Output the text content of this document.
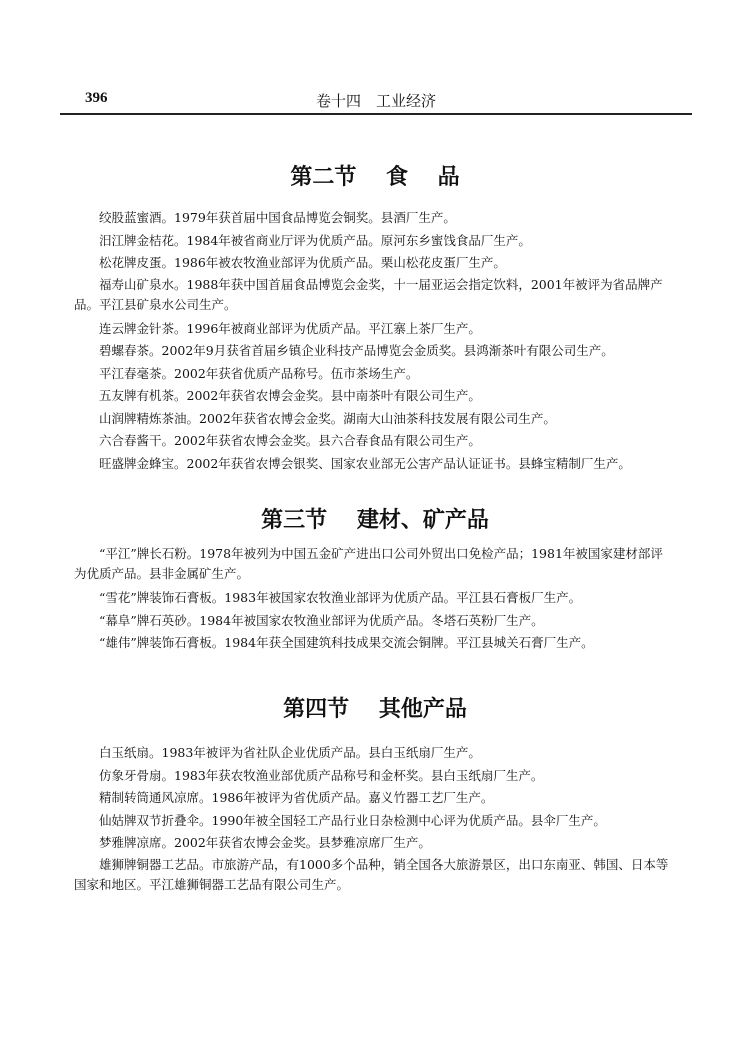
396	卷十四　工业经济
第二节　 食　 品

绞股蓝蜜酒。1979年获首届中国食品博览会铜奖。县酒厂生产。

汨江牌金桔花。1984年被省商业厅评为优质产品。原河东乡蜜饯食品厂生产。

松花牌皮蛋。1986年被农牧渔业部评为优质产品。栗山松花皮蛋厂生产。

福寿山矿泉水。1988年获中国首届食品博览会金奖，十一届亚运会指定饮料，2001年被评为省品牌产品。平江县矿泉水公司生产。

连云牌金针茶。1996年被商业部评为优质产品。平江寨上茶厂生产。

碧螺春茶。2002年9月获省首届乡镇企业科技产品博览会金质奖。县鸿渐茶叶有限公司生产。

平江春毫茶。2002年获省优质产品称号。伍市茶场生产。

五友牌有机茶。2002年获省农博会金奖。县中南茶叶有限公司生产。

山润牌精炼茶油。2002年获省农博会金奖。湖南大山油茶科技发展有限公司生产。

六合春酱干。2002年获省农博会金奖。县六合春食品有限公司生产。

旺盛牌金蜂宝。2002年获省农博会银奖、国家农业部无公害产品认证证书。县蜂宝精制厂生产。

第三节　 建材、矿产品

“平江”牌长石粉。1978年被列为中国五金矿产进出口公司外贸出口免检产品；1981年被国家建材部评为优质产品。县非金属矿生产。

“雪花”牌装饰石膏板。1983年被国家农牧渔业部评为优质产品。平江县石膏板厂生产。

“幕阜”牌石英砂。1984年被国家农牧渔业部评为优质产品。冬塔石英粉厂生产。

“雄伟”牌装饰石膏板。1984年获全国建筑科技成果交流会铜牌。平江县城关石膏厂生产。

第四节　 其他产品

白玉纸扇。1983年被评为省社队企业优质产品。县白玉纸扇厂生产。

仿象牙骨扇。1983年获农牧渔业部优质产品称号和金杯奖。县白玉纸扇厂生产。

精制转筒通风凉席。1986年被评为省优质产品。嘉义竹器工艺厂生产。

仙姑牌双节折叠伞。1990年被全国轻工产品行业日杂检测中心评为优质产品。县伞厂生产。

梦雅牌凉席。2002年获省农博会金奖。县梦雅凉席厂生产。

雄狮牌铜器工艺品。市旅游产品，有1000多个品种，销全国各大旅游景区，出口东南亚、韩国、日本等国家和地区。平江雄狮铜器工艺品有限公司生产。
